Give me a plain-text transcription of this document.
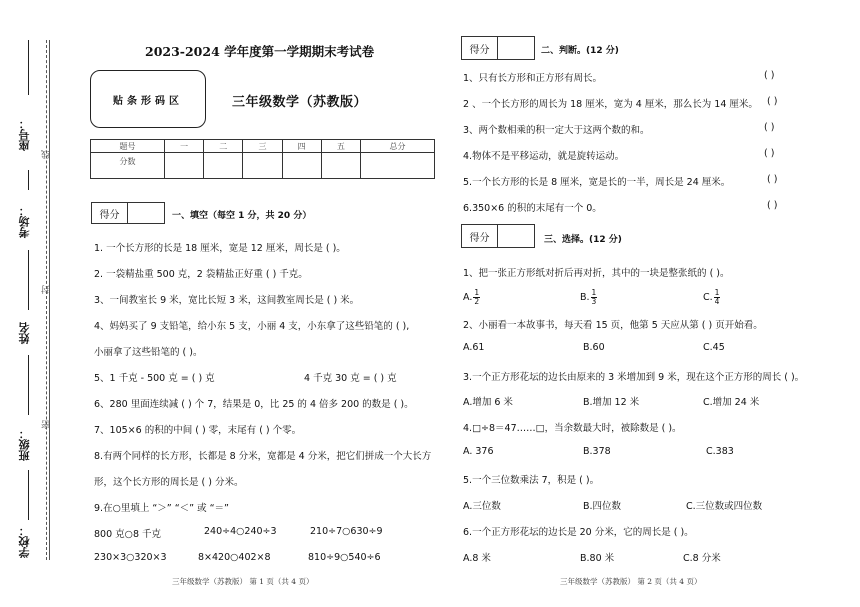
座号：
考场：
姓名
班级：
学校：
线
封
密
2023-2024 学年度第一学期期末考试卷
贴条形码区	三年级数学（苏教版）
题号	一	二	三	四	五	总分
分数						
得分	一、填空（每空 1 分，共 20 分）
1. 一个长方形的长是 18 厘米，宽是 12 厘米，周长是 ( )。
2. 一袋精盐重 500 克，2 袋精盐正好重 ( ) 千克。
3、一间教室长 9 米，宽比长短 3 米，这间教室周长是 ( ) 米。
4、妈妈买了 9 支铅笔，给小东 5 支，小丽 4 支，小东拿了这些铅笔的 ( ),
小丽拿了这些铅笔的 ( )。
5、1 千克 - 500 克 = ( ) 克	4 千克 30 克 = ( ) 克
6、280 里面连续减 ( ) 个 7，结果是 0，比 25 的 4 倍多 200 的数是 ( )。
7、105×6 的积的中间 ( ) 零，末尾有 ( ) 个零。
8.有两个同样的长方形，长都是 8 分米，宽都是 4 分米，把它们拼成一个大长方
形，这个长方形的周长是 ( ) 分米。
9.在○里填上 “＞” “＜” 或 “＝”
800 克○8 千克	240÷4○240÷3	210÷7○630÷9
230×3○320×3	8×420○402×8	810÷9○540÷6
三年级数学（苏教版） 第 1 页（共 4 页）
得分	二、判断。(12 分)
1、只有长方形和正方形有周长。	( )
2 、一个长方形的周长为 18 厘米，宽为 4 厘米，那么长为 14 厘米。 ( )
3、两个数相乘的积一定大于这两个数的和。	( )
4.物体不是平移运动，就是旋转运动。	( )
5.一个长方形的长是 8 厘米，宽是长的一半，周长是 24 厘米。	( )
6.350×6 的积的末尾有一个 0。	( )
得分	三、选择。(12 分)
1、把一张正方形纸对折后再对折，其中的一块是整张纸的 ( )。
A. $\frac{1}{2}$	B. $\frac{1}{3}$	C. $\frac{1}{4}$
2、小丽看一本故事书，每天看 15 页，他第 5 天应从第 ( ) 页开始看。
A.61	B.60	C.45
3.一个正方形花坛的边长由原来的 3 米增加到 9 米，现在这个正方形的周长 ( )。
A.增加 6 米	B.增加 12 米	C.增加 24 米
4.□÷8＝47……□，当余数最大时，被除数是 ( )。
A. 376	B.378	C.383
5.一个三位数乘法 7，积是 ( )。
A.三位数	B.四位数	C.三位数或四位数
6.一个正方形花坛的边长是 20 分米，它的周长是 ( )。
A.8 米	B.80 米	C.8 分米
三年级数学（苏教版） 第 2 页（共 4 页）
